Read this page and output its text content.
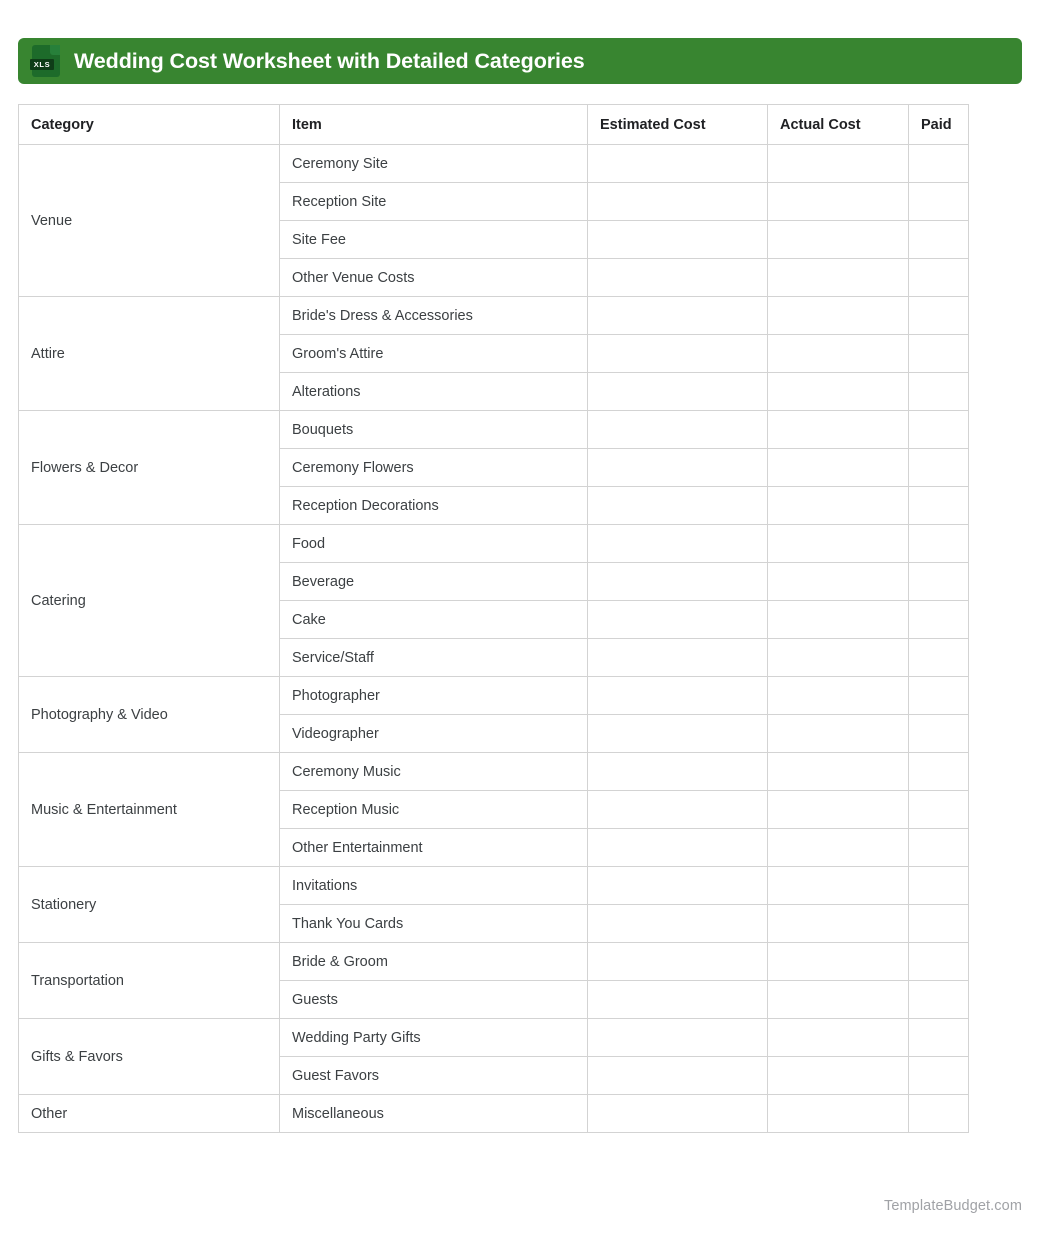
XLS Wedding Cost Worksheet with Detailed Categories
Category	Item	Estimated Cost	Actual Cost	Paid
Venue	Ceremony Site			
	Reception Site			
	Site Fee			
	Other Venue Costs			
Attire	Bride's Dress & Accessories			
	Groom's Attire			
	Alterations			
Flowers & Decor	Bouquets			
	Ceremony Flowers			
	Reception Decorations			
Catering	Food			
	Beverage			
	Cake			
	Service/Staff			
Photography & Video	Photographer			
	Videographer			
Music & Entertainment	Ceremony Music			
	Reception Music			
	Other Entertainment			
Stationery	Invitations			
	Thank You Cards			
Transportation	Bride & Groom			
	Guests			
Gifts & Favors	Wedding Party Gifts			
	Guest Favors			
Other	Miscellaneous			
TemplateBudget.com
